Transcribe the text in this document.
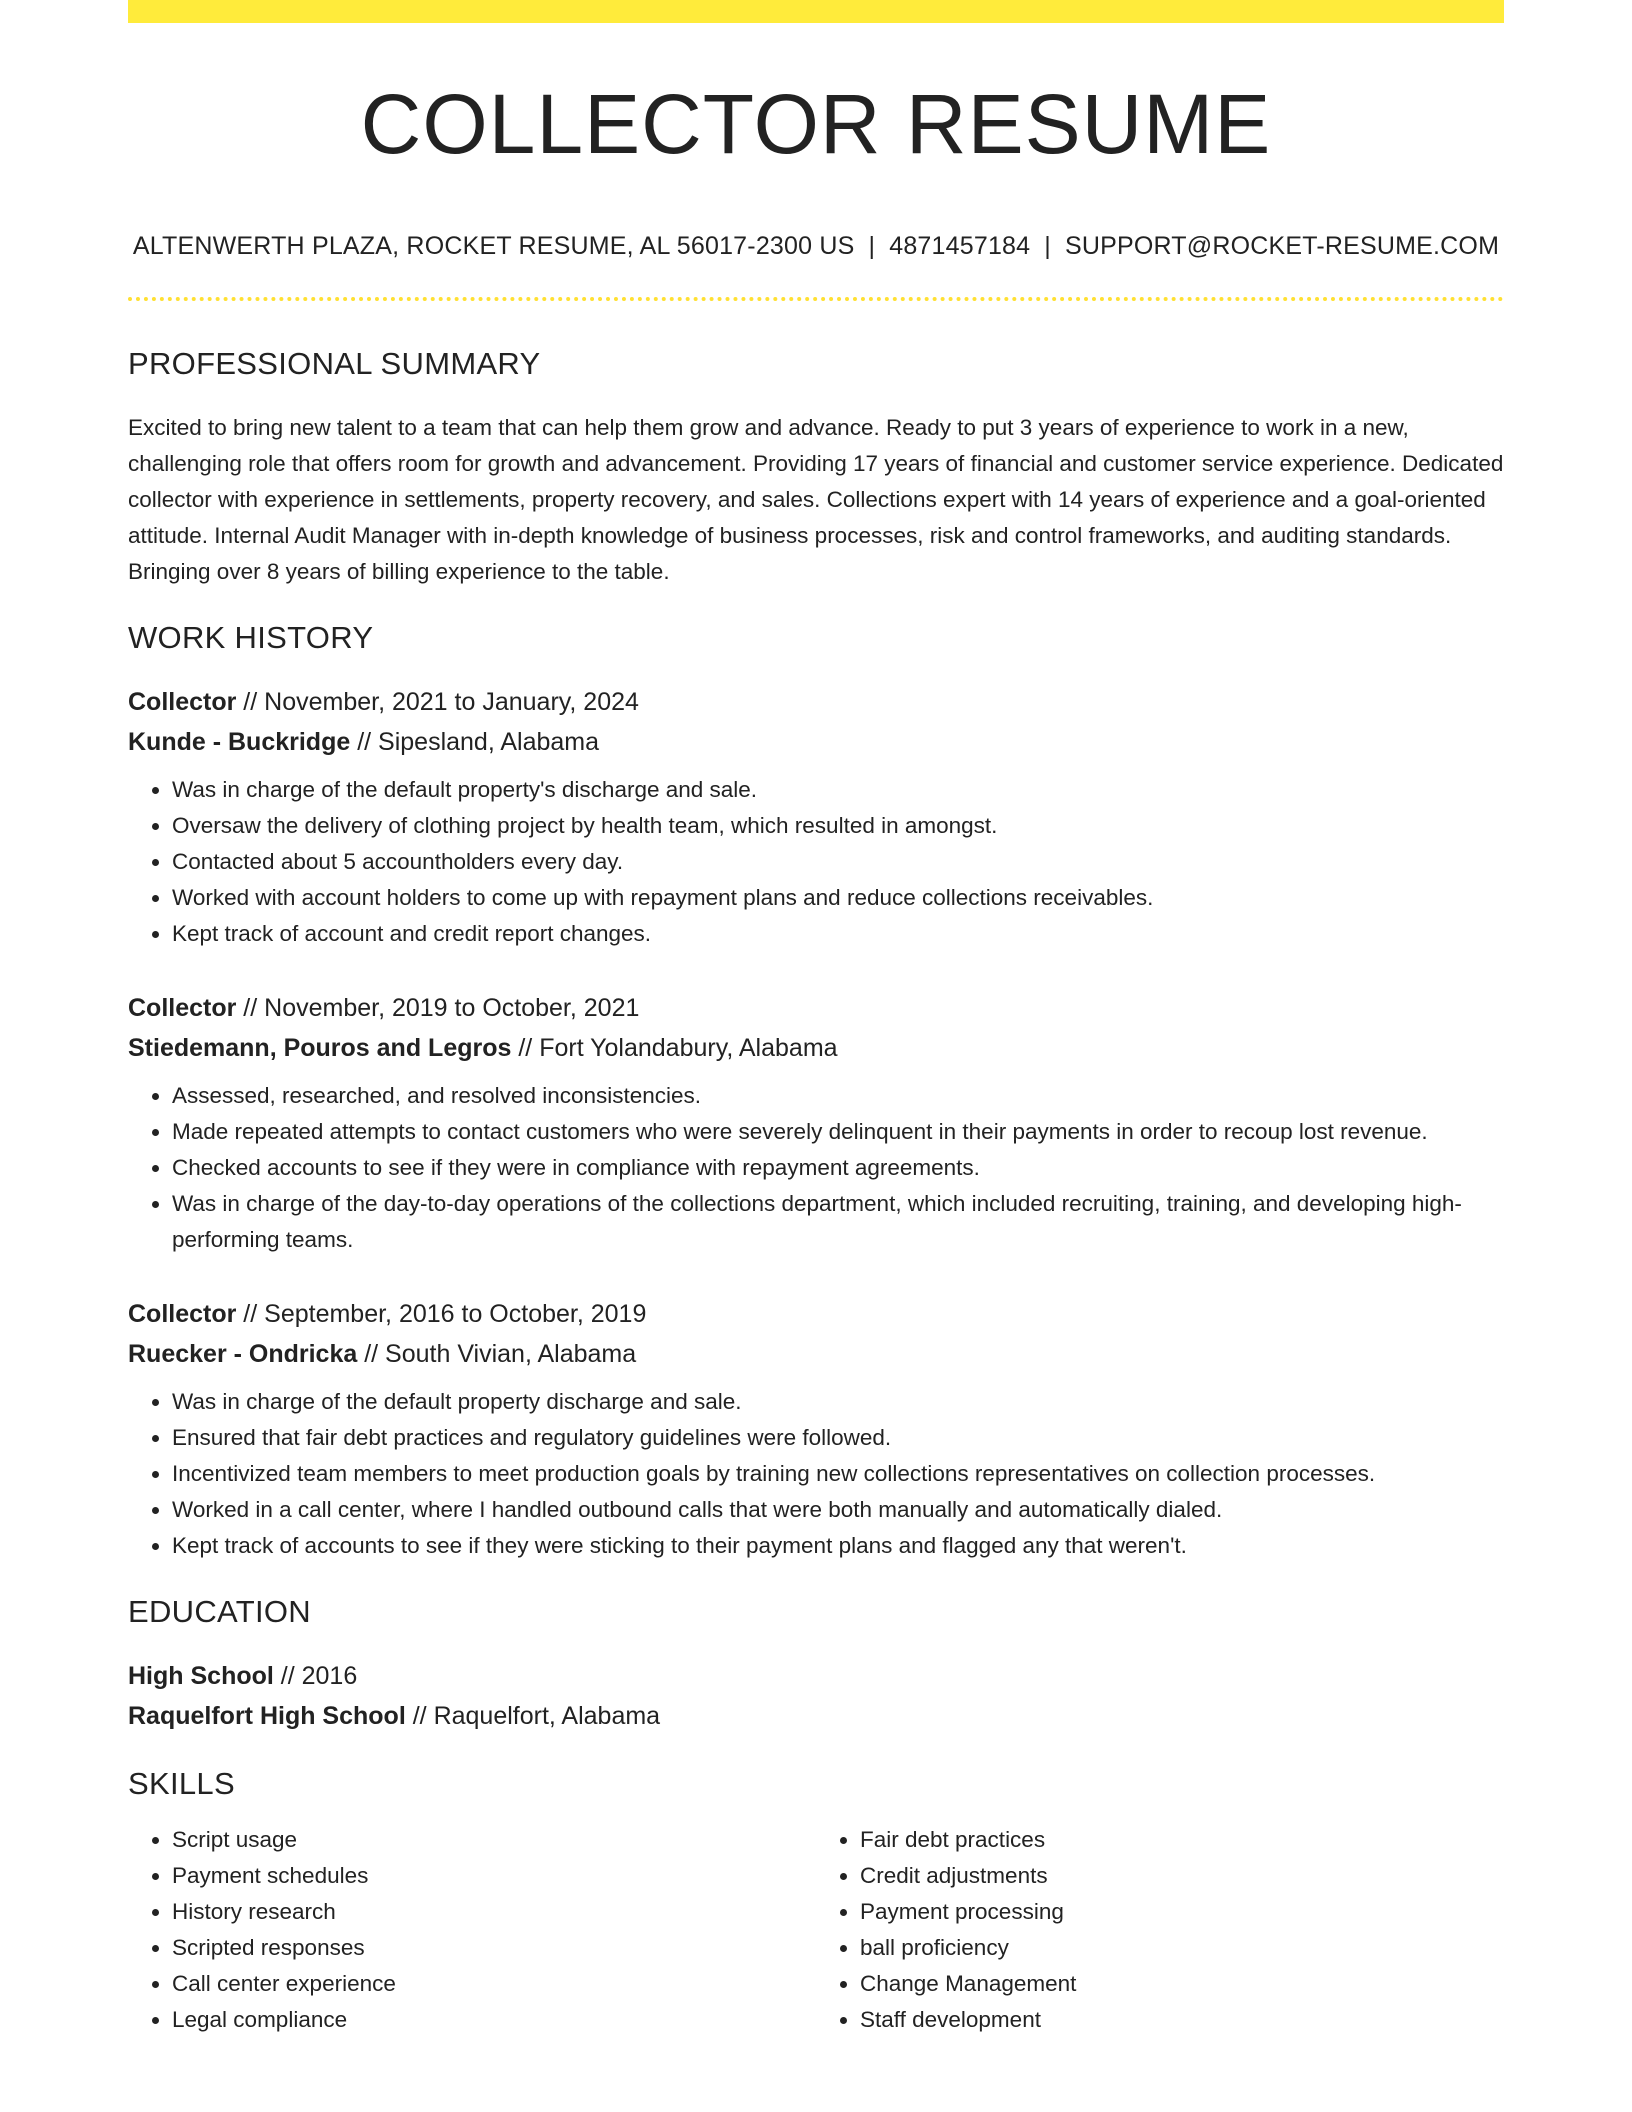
COLLECTOR RESUME
ALTENWERTH PLAZA, ROCKET RESUME, AL 56017-2300 US | 4871457184 | SUPPORT@ROCKET-RESUME.COM
PROFESSIONAL SUMMARY

Excited to bring new talent to a team that can help them grow and advance. Ready to put 3 years of experience to work in a new, challenging role that offers room for growth and advancement. Providing 17 years of financial and customer service experience. Dedicated collector with experience in settlements, property recovery, and sales. Collections expert with 14 years of experience and a goal-oriented attitude. Internal Audit Manager with in-depth knowledge of business processes, risk and control frameworks, and auditing standards. Bringing over 8 years of billing experience to the table.

WORK HISTORY
Collector // November, 2021 to January, 2024
Kunde - Buckridge // Sipesland, Alabama
• Was in charge of the default property's discharge and sale.
• Oversaw the delivery of clothing project by health team, which resulted in amongst.
• Contacted about 5 accountholders every day.
• Worked with account holders to come up with repayment plans and reduce collections receivables.
• Kept track of account and credit report changes.
Collector // November, 2019 to October, 2021
Stiedemann, Pouros and Legros // Fort Yolandabury, Alabama
• Assessed, researched, and resolved inconsistencies.
• Made repeated attempts to contact customers who were severely delinquent in their payments in order to recoup lost revenue.
• Checked accounts to see if they were in compliance with repayment agreements.
• Was in charge of the day-to-day operations of the collections department, which included recruiting, training, and developing high-performing teams.
Collector // September, 2016 to October, 2019
Ruecker - Ondricka // South Vivian, Alabama
• Was in charge of the default property discharge and sale.
• Ensured that fair debt practices and regulatory guidelines were followed.
• Incentivized team members to meet production goals by training new collections representatives on collection processes.
• Worked in a call center, where I handled outbound calls that were both manually and automatically dialed.
• Kept track of accounts to see if they were sticking to their payment plans and flagged any that weren't.
EDUCATION
High School // 2016
Raquelfort High School // Raquelfort, Alabama
SKILLS
• Script usage
• Payment schedules
• History research
• Scripted responses
• Call center experience
• Legal compliance
• Fair debt practices
• Credit adjustments
• Payment processing
• ball proficiency
• Change Management
• Staff development
